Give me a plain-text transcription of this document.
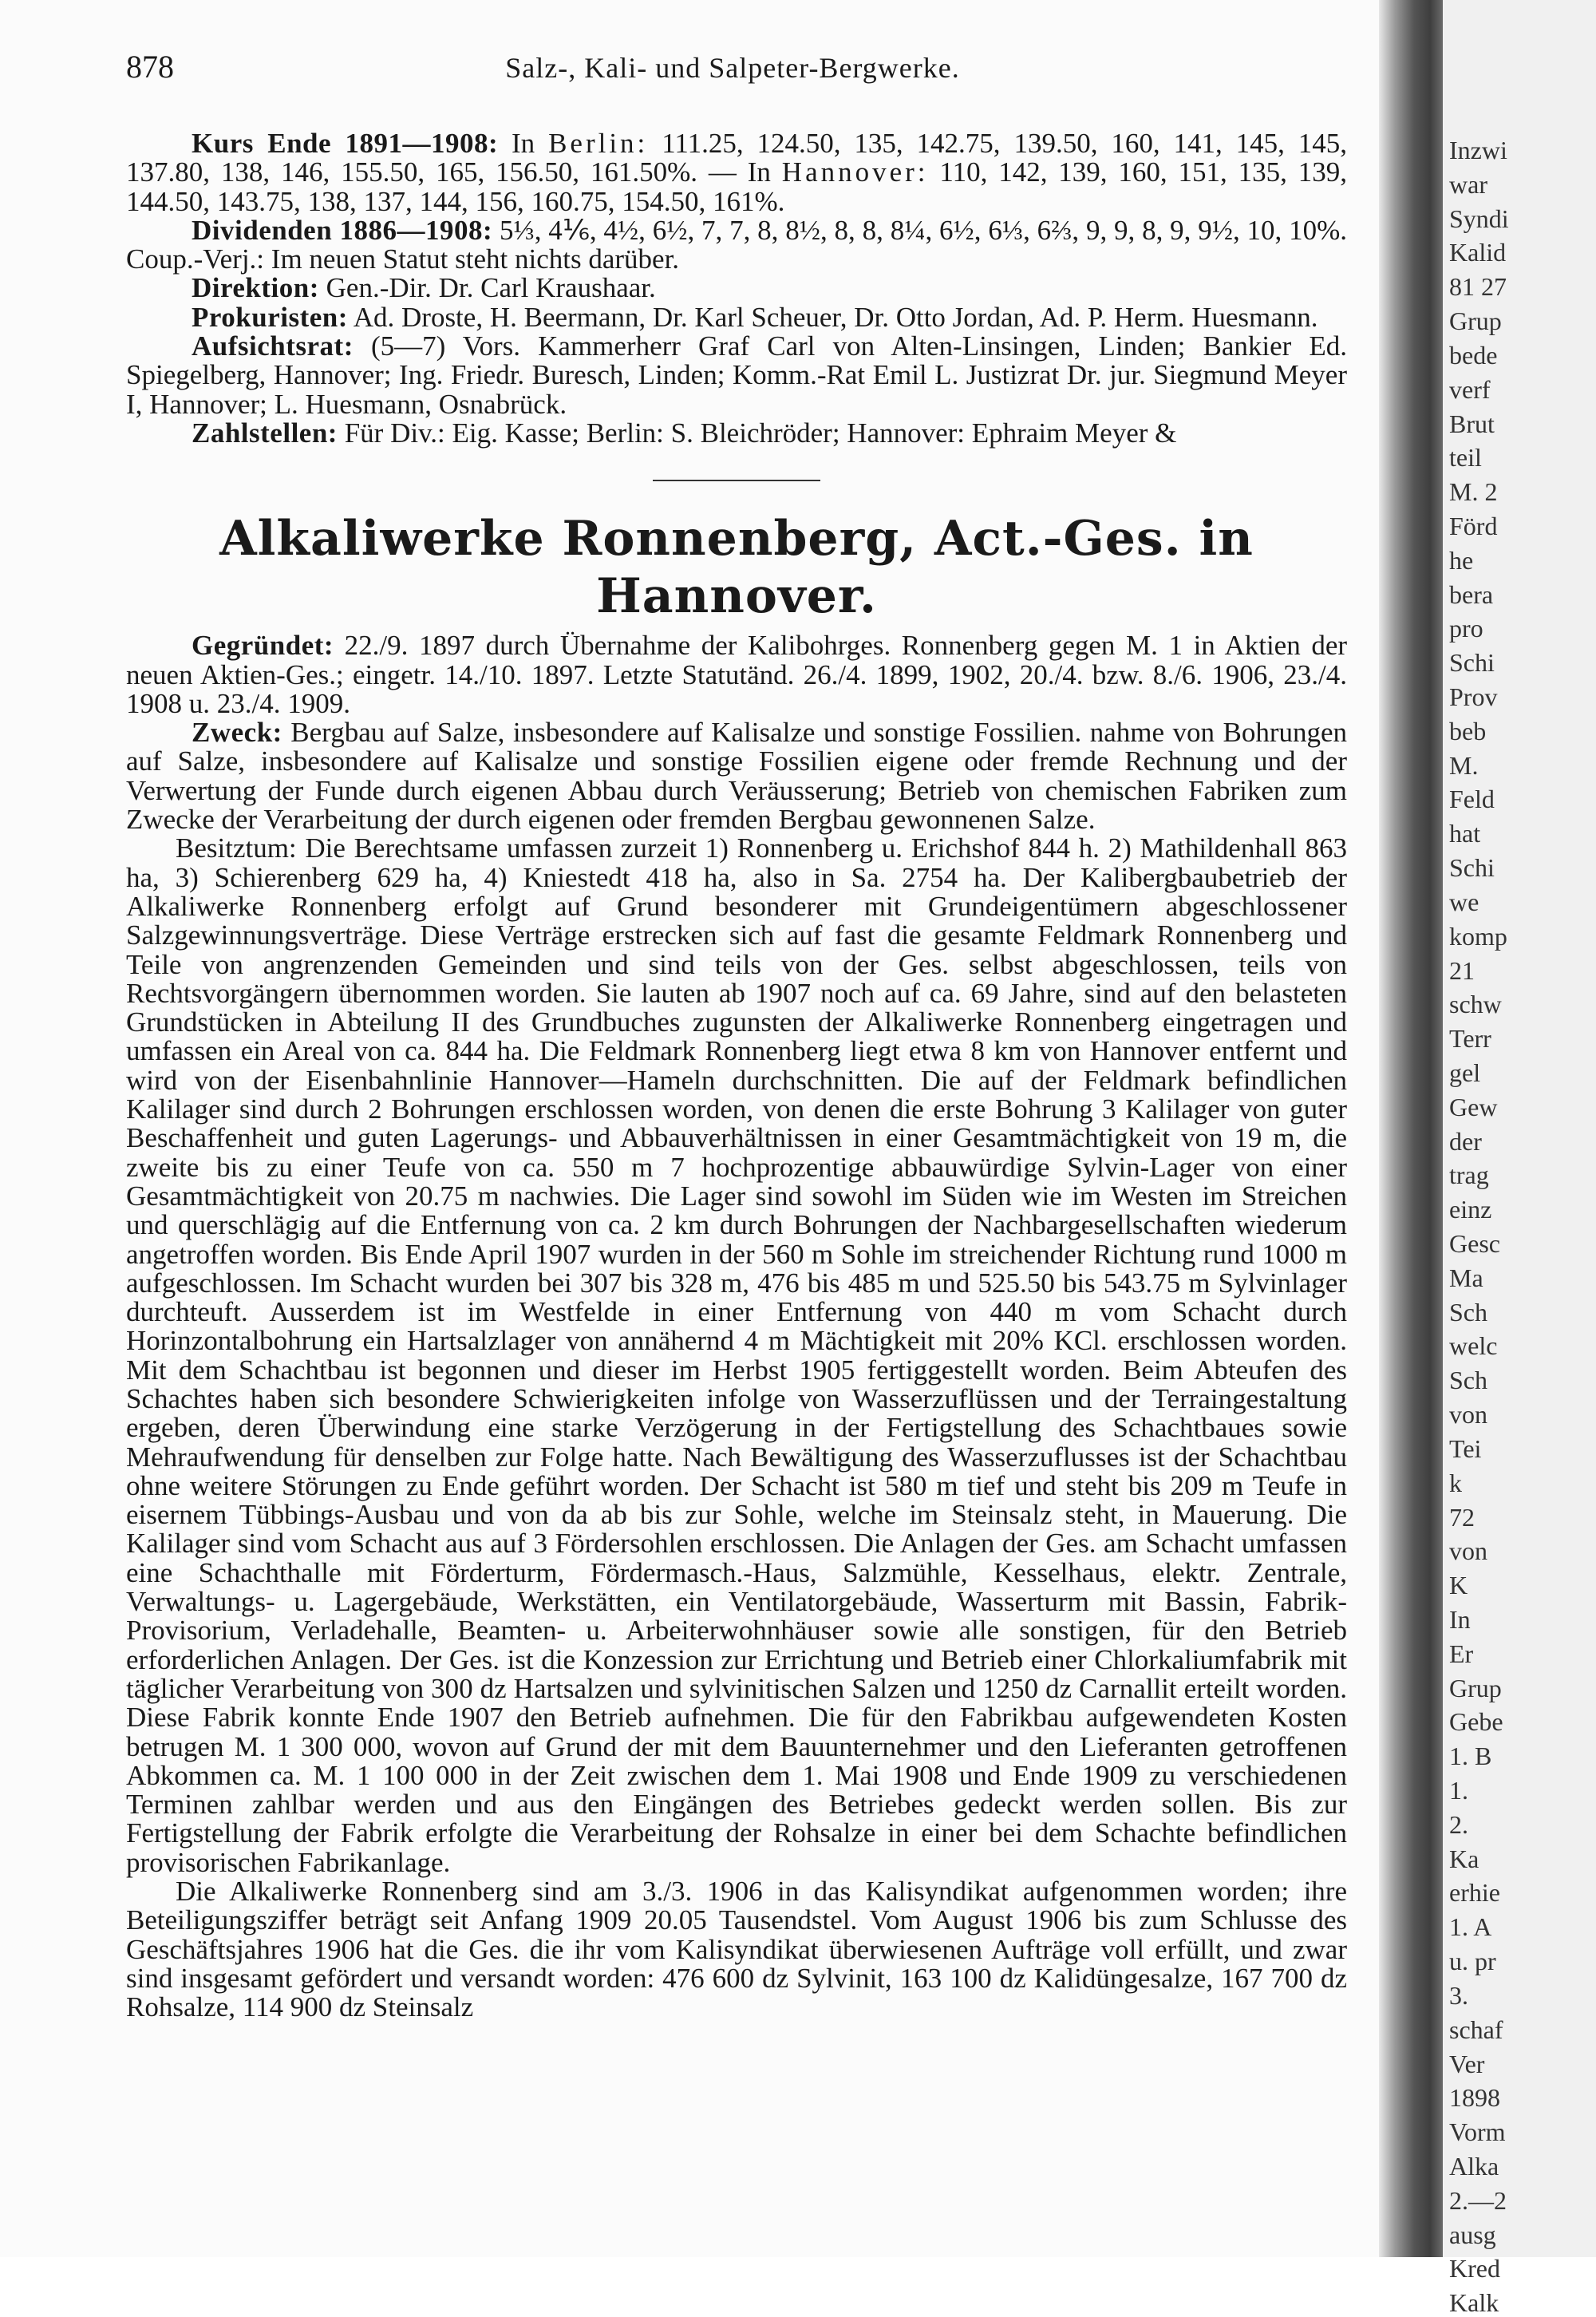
878	Salz-, Kali- und Salpeter-Bergwerke.

Kurs Ende 1891—1908: In Berlin: 111.25, 124.50, 135, 142.75, 139.50, 160, 141, 145, 145, 137.80, 138, 146, 155.50, 165, 156.50, 161.50%. — In Hannover: 110, 142, 139, 160, 151, 135, 139, 144.50, 143.75, 138, 137, 144, 156, 160.75, 154.50, 161%.

Dividenden 1886—1908: 5⅓, 4⅙, 4½, 6½, 7, 7, 8, 8½, 8, 8, 8¼, 6½, 6⅓, 6⅔, 9, 9, 8, 9, 9½, 10, 10%. Coup.-Verj.: Im neuen Statut steht nichts darüber.

Direktion: Gen.-Dir. Dr. Carl Kraushaar.

Prokuristen: Ad. Droste, H. Beermann, Dr. Karl Scheuer, Dr. Otto Jordan, Ad. P. Herm. Huesmann.

Aufsichtsrat: (5—7) Vors. Kammerherr Graf Carl von Alten-Linsingen, Linden; Bankier Ed. Spiegelberg, Hannover; Ing. Friedr. Buresch, Linden; Komm.-Rat Emil L. Justizrat Dr. jur. Siegmund Meyer I, Hannover; L. Huesmann, Osnabrück.

Zahlstellen: Für Div.: Eig. Kasse; Berlin: S. Bleichröder; Hannover: Ephraim Meyer &

Alkaliwerke Ronnenberg, Act.-Ges. in Hannover.

Gegründet: 22./9. 1897 durch Übernahme der Kalibohrges. Ronnenberg gegen M. 1 in Aktien der neuen Aktien-Ges.; eingetr. 14./10. 1897. Letzte Statutänd. 26./4. 1899, 1902, 20./4. bzw. 8./6. 1906, 23./4. 1908 u. 23./4. 1909.

Zweck: Bergbau auf Salze, insbesondere auf Kalisalze und sonstige Fossilien. nahme von Bohrungen auf Salze, insbesondere auf Kalisalze und sonstige Fossilien eigene oder fremde Rechnung und der Verwertung der Funde durch eigenen Abbau durch Veräusserung; Betrieb von chemischen Fabriken zum Zwecke der Verarbeitung der durch eigenen oder fremden Bergbau gewonnenen Salze.

Besitztum: Die Berechtsame umfassen zurzeit 1) Ronnenberg u. Erichshof 844 h. 2) Mathildenhall 863 ha, 3) Schierenberg 629 ha, 4) Kniestedt 418 ha, also in Sa. 2754 ha. Der Kalibergbaubetrieb der Alkaliwerke Ronnenberg erfolgt auf Grund besonderer mit Grundeigentümern abgeschlossener Salzgewinnungsverträge. Diese Verträge erstrecken sich auf fast die gesamte Feldmark Ronnenberg und Teile von angrenzenden Gemeinden und sind teils von der Ges. selbst abgeschlossen, teils von Rechtsvorgängern übernommen worden. Sie lauten ab 1907 noch auf ca. 69 Jahre, sind auf den belasteten Grundstücken in Abteilung II des Grundbuches zugunsten der Alkaliwerke Ronnenberg eingetragen und umfassen ein Areal von ca. 844 ha. Die Feldmark Ronnenberg liegt etwa 8 km von Hannover entfernt und wird von der Eisenbahnlinie Hannover—Hameln durchschnitten. Die auf der Feldmark befindlichen Kalilager sind durch 2 Bohrungen erschlossen worden, von denen die erste Bohrung 3 Kalilager von guter Beschaffenheit und guten Lagerungs- und Abbauverhältnissen in einer Gesamtmächtigkeit von 19 m, die zweite bis zu einer Teufe von ca. 550 m 7 hochprozentige abbauwürdige Sylvin-Lager von einer Gesamtmächtigkeit von 20.75 m nachwies. Die Lager sind sowohl im Süden wie im Westen im Streichen und querschlägig auf die Entfernung von ca. 2 km durch Bohrungen der Nachbargesellschaften wiederum angetroffen worden. Bis Ende April 1907 wurden in der 560 m Sohle im streichender Richtung rund 1000 m aufgeschlossen. Im Schacht wurden bei 307 bis 328 m, 476 bis 485 m und 525.50 bis 543.75 m Sylvinlager durchteuft. Ausserdem ist im Westfelde in einer Entfernung von 440 m vom Schacht durch Horinzontalbohrung ein Hartsalzlager von annähernd 4 m Mächtigkeit mit 20% KCl. erschlossen worden. Mit dem Schachtbau ist begonnen und dieser im Herbst 1905 fertiggestellt worden. Beim Abteufen des Schachtes haben sich besondere Schwierigkeiten infolge von Wasserzuflüssen und der Terraingestaltung ergeben, deren Überwindung eine starke Verzögerung in der Fertigstellung des Schachtbaues sowie Mehraufwendung für denselben zur Folge hatte. Nach Bewältigung des Wasserzuflusses ist der Schachtbau ohne weitere Störungen zu Ende geführt worden. Der Schacht ist 580 m tief und steht bis 209 m Teufe in eisernem Tübbings-Ausbau und von da ab bis zur Sohle, welche im Steinsalz steht, in Mauerung. Die Kalilager sind vom Schacht aus auf 3 Fördersohlen erschlossen. Die Anlagen der Ges. am Schacht umfassen eine Schachthalle mit Förderturm, Fördermasch.-Haus, Salzmühle, Kesselhaus, elektr. Zentrale, Verwaltungs- u. Lagergebäude, Werkstätten, ein Ventilatorgebäude, Wasserturm mit Bassin, Fabrik-Provisorium, Verladehalle, Beamten- u. Arbeiterwohnhäuser sowie alle sonstigen, für den Betrieb erforderlichen Anlagen. Der Ges. ist die Konzession zur Errichtung und Betrieb einer Chlorkaliumfabrik mit täglicher Verarbeitung von 300 dz Hartsalzen und sylvinitischen Salzen und 1250 dz Carnallit erteilt worden. Diese Fabrik konnte Ende 1907 den Betrieb aufnehmen. Die für den Fabrikbau aufgewendeten Kosten betrugen M. 1 300 000, wovon auf Grund der mit dem Bauunternehmer und den Lieferanten getroffenen Abkommen ca. M. 1 100 000 in der Zeit zwischen dem 1. Mai 1908 und Ende 1909 zu verschiedenen Terminen zahlbar werden und aus den Eingängen des Betriebes gedeckt werden sollen. Bis zur Fertigstellung der Fabrik erfolgte die Verarbeitung der Rohsalze in einer bei dem Schachte befindlichen provisorischen Fabrikanlage.

Die Alkaliwerke Ronnenberg sind am 3./3. 1906 in das Kalisyndikat aufgenommen worden; ihre Beteiligungsziffer beträgt seit Anfang 1909 20.05 Tausendstel. Vom August 1906 bis zum Schlusse des Geschäftsjahres 1906 hat die Ges. die ihr vom Kalisyndikat überwiesenen Aufträge voll erfüllt, und zwar sind insgesamt gefördert und versandt worden: 476 600 dz Sylvinit, 163 100 dz Kalidüngesalze, 167 700 dz Rohsalze, 114 900 dz Steinsalz

Inzwi
war
Syndi
Kalid
81 27
Grup
bede
verf
Brut
teil
M. 2
Förd
he
bera
pro
Schi
Prov
beb
M.
Feld
hat
Schi
we
komp
21
schw
Terr
gel
Gew
der
trag
einz
Gesc
Ma
Sch
welc
Sch
von
Tei
k
72
von
K
In
Er
Grup
Gebe
1. B
1.
2.
Ka
erhie
1. A
u. pr
3.
schaf
Ver
1898
Vorm
Alka
2.—2
ausg
Kred
Kalk
